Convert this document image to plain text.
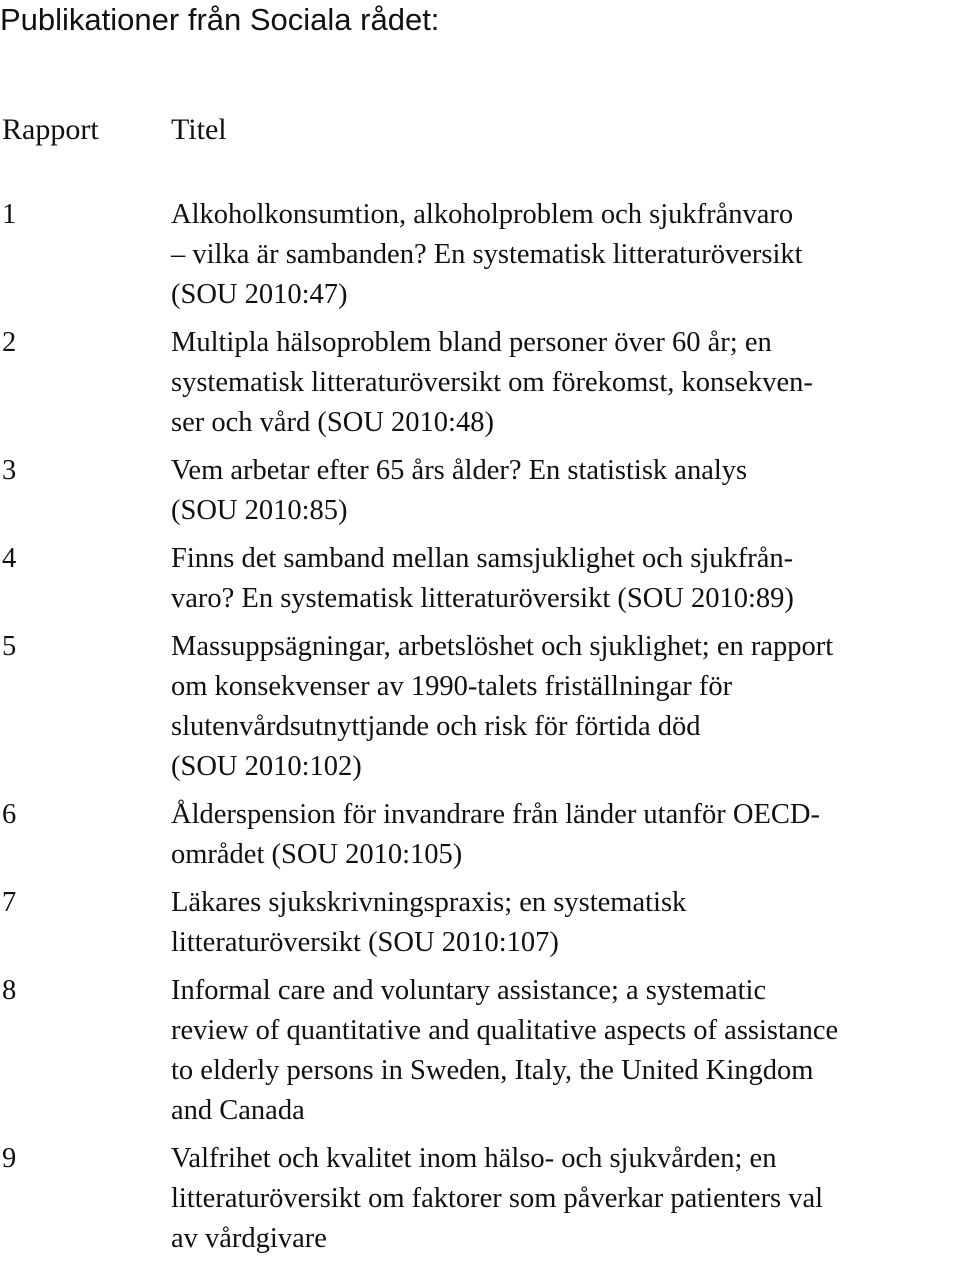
Publikationer från Sociala rådet:
Rapport Titel
1	Alkoholkonsumtion, alkoholproblem och sjukfrånvaro
– vilka är sambanden? En systematisk litteraturöversikt
(SOU 2010:47)
2	Multipla hälsoproblem bland personer över 60 år; en
systematisk litteraturöversikt om förekomst, konsekven-
ser och vård (SOU 2010:48)
3	Vem arbetar efter 65 års ålder? En statistisk analys
(SOU 2010:85)
4	Finns det samband mellan samsjuklighet och sjukfrån-
varo? En systematisk litteraturöversikt (SOU 2010:89)
5	Massuppsägningar, arbetslöshet och sjuklighet; en rapport
om konsekvenser av 1990-talets friställningar för
slutenvårdsutnyttjande och risk för förtida död
(SOU 2010:102)
6	Ålderspension för invandrare från länder utanför OECD-
området (SOU 2010:105)
7	Läkares sjukskrivningspraxis; en systematisk
litteraturöversikt (SOU 2010:107)
8	Informal care and voluntary assistance; a systematic
review of quantitative and qualitative aspects of assistance
to elderly persons in Sweden, Italy, the United Kingdom
and Canada
9	Valfrihet och kvalitet inom hälso- och sjukvården; en
litteraturöversikt om faktorer som påverkar patienters val
av vårdgivare
